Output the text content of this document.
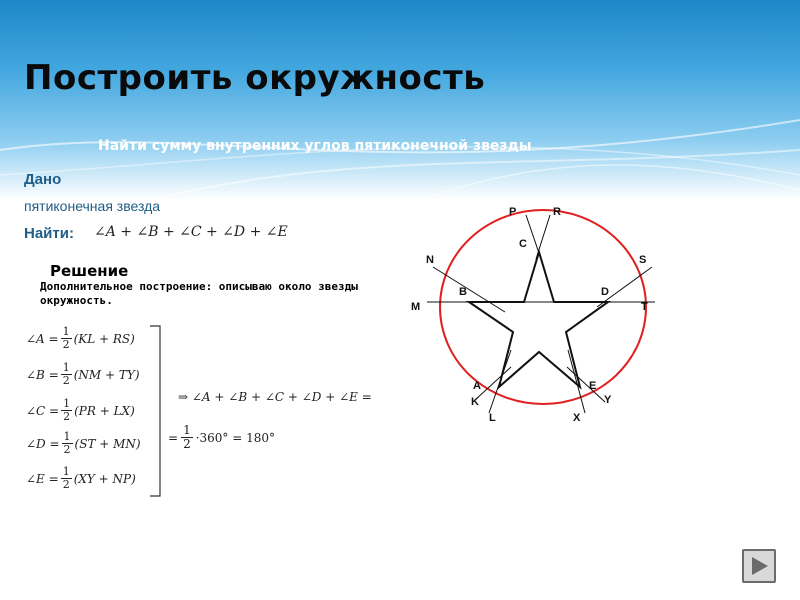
Построить окружность
Найти сумму внутренних углов пятиконечной звезды
Дано
пятиконечная звезда
Найти: ∠A + ∠B + ∠C + ∠D + ∠E
Решение
Дополнительное построение: описываю около звезды окружность.
∠A = $\frac{1}{2} (KL + RS)$
∠B = $\frac{1}{2} (NM + TY)$
∠C = $\frac{1}{2} (PR + LX)$
∠D = $\frac{1}{2} (ST + MN)$
∠E = $\frac{1}{2} (XY + NP)$
⇒ ∠A + ∠B + ∠C + ∠D + ∠E =
= $\frac{1}{2} \cdot 360^\circ = 180^\circ$
P	R
C
N	S
B	D
M	T
A	E
K	Y
L	X
